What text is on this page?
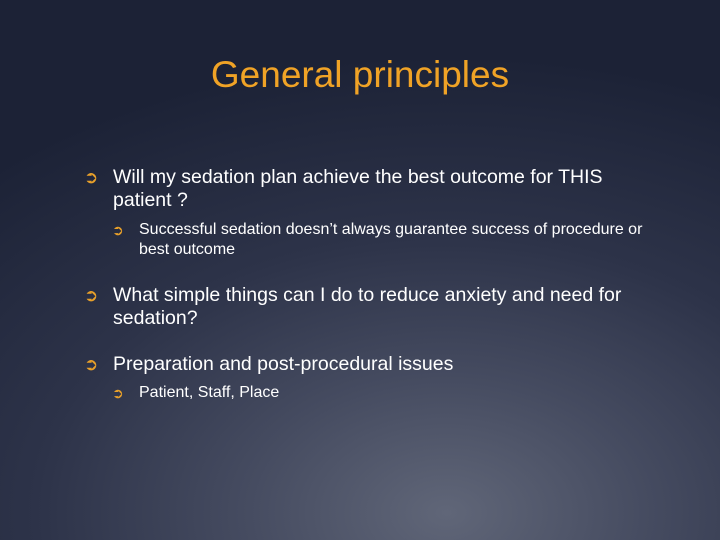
General principles
➲ Will my sedation plan achieve the best outcome for THIS patient ?
➲ Successful sedation doesn’t always guarantee success of procedure or best outcome
➲ What simple things can I do to reduce anxiety and need for sedation?
➲ Preparation and post-procedural issues
➲ Patient, Staff, Place
